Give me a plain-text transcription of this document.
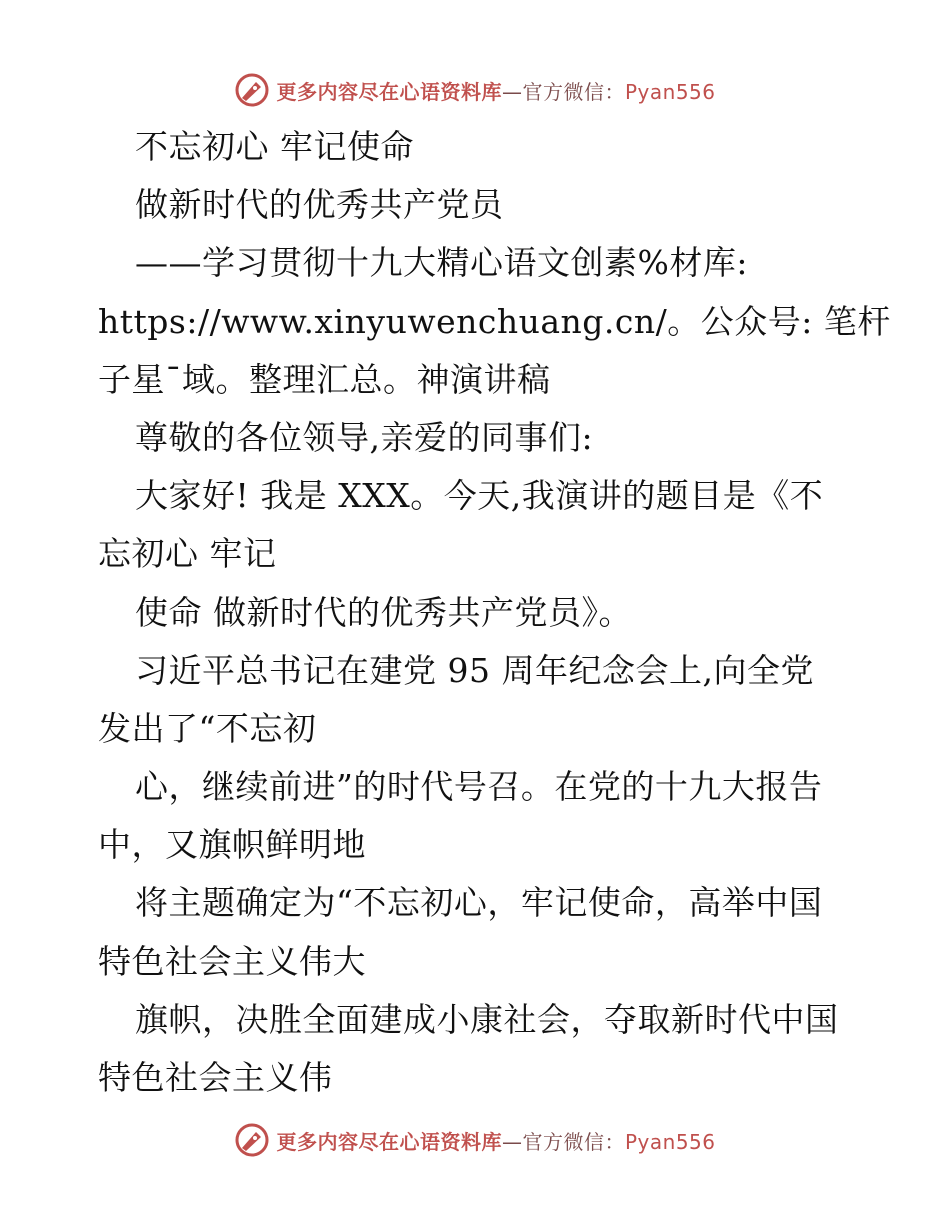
更多内容尽在心语资料库—官方微信：Pyan556
不忘初心 牢记使命
做新时代的优秀共产党员
——学习贯彻十九大精心语文创素%材库:
https://www.xinyuwenchuang.cn/。公众号: 笔杆
子星¯域。整理汇总。神演讲稿
尊敬的各位领导,亲爱的同事们:
大家好! 我是 XXX。今天,我演讲的题目是《不
忘初心 牢记
使命 做新时代的优秀共产党员》。
习近平总书记在建党 95 周年纪念会上,向全党
发出了“不忘初
心，继续前进”的时代号召。在党的十九大报告
中，又旗帜鲜明地
将主题确定为“不忘初心，牢记使命，高举中国
特色社会主义伟大
旗帜，决胜全面建成小康社会，夺取新时代中国
特色社会主义伟
更多内容尽在心语资料库—官方微信：Pyan556
